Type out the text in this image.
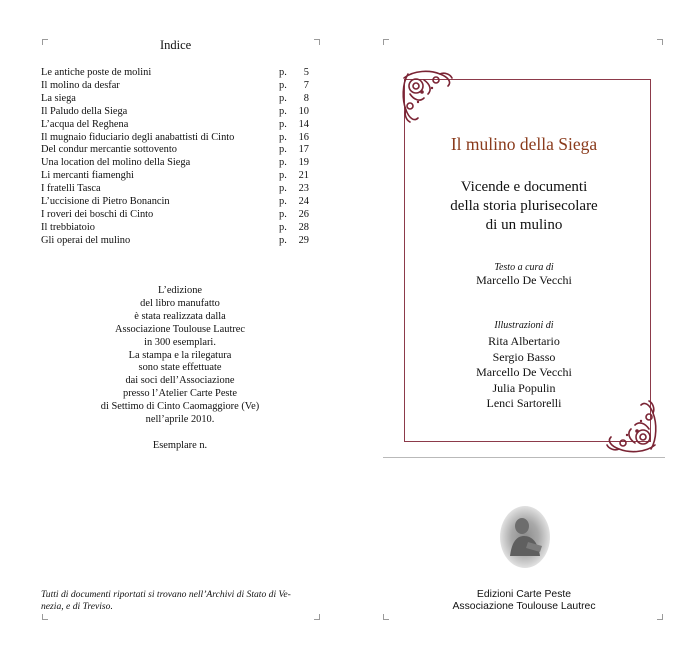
Indice
Le antiche poste de molini	p. 5
Il molino da desfar	p. 7
La siega	p. 8
Il Paludo della Siega	p. 10
L’acqua del Reghena	p. 14
Il mugnaio fiduciario degli anabattisti di Cinto	p. 16
Del condur mercantie sottovento	p. 17
Una location del molino della Siega	p. 19
Li mercanti fiamenghi	p. 21
I fratelli Tasca	p. 23
L’uccisione di Pietro Bonancin	p. 24
I roveri dei boschi di Cinto	p. 26
Il trebbiatoio	p. 28
Gli operai del mulino	p. 29
L’edizione
del libro manufatto
è stata realizzata dalla
Associazione Toulouse Lautrec
in 300 esemplari.
La stampa e la rilegatura
sono state effettuate
dai soci dell’Associazione
presso l’Atelier Carte Peste
di Settimo di Cinto Caomaggiore (Ve)
nell’aprile 2010.
Esemplare n.
Tutti di documenti riportati si trovano nell’Archivi di Stato di Ve-
nezia, e di Treviso.
Il mulino della Siega
Vicende e documenti
della storia plurisecolare
di un mulino
Testo a cura di
Marcello De Vecchi
Illustrazioni di
Rita Albertario
Sergio Basso
Marcello De Vecchi
Julia Populin
Lenci Sartorelli
Edizioni Carte Peste
Associazione Toulouse Lautrec
